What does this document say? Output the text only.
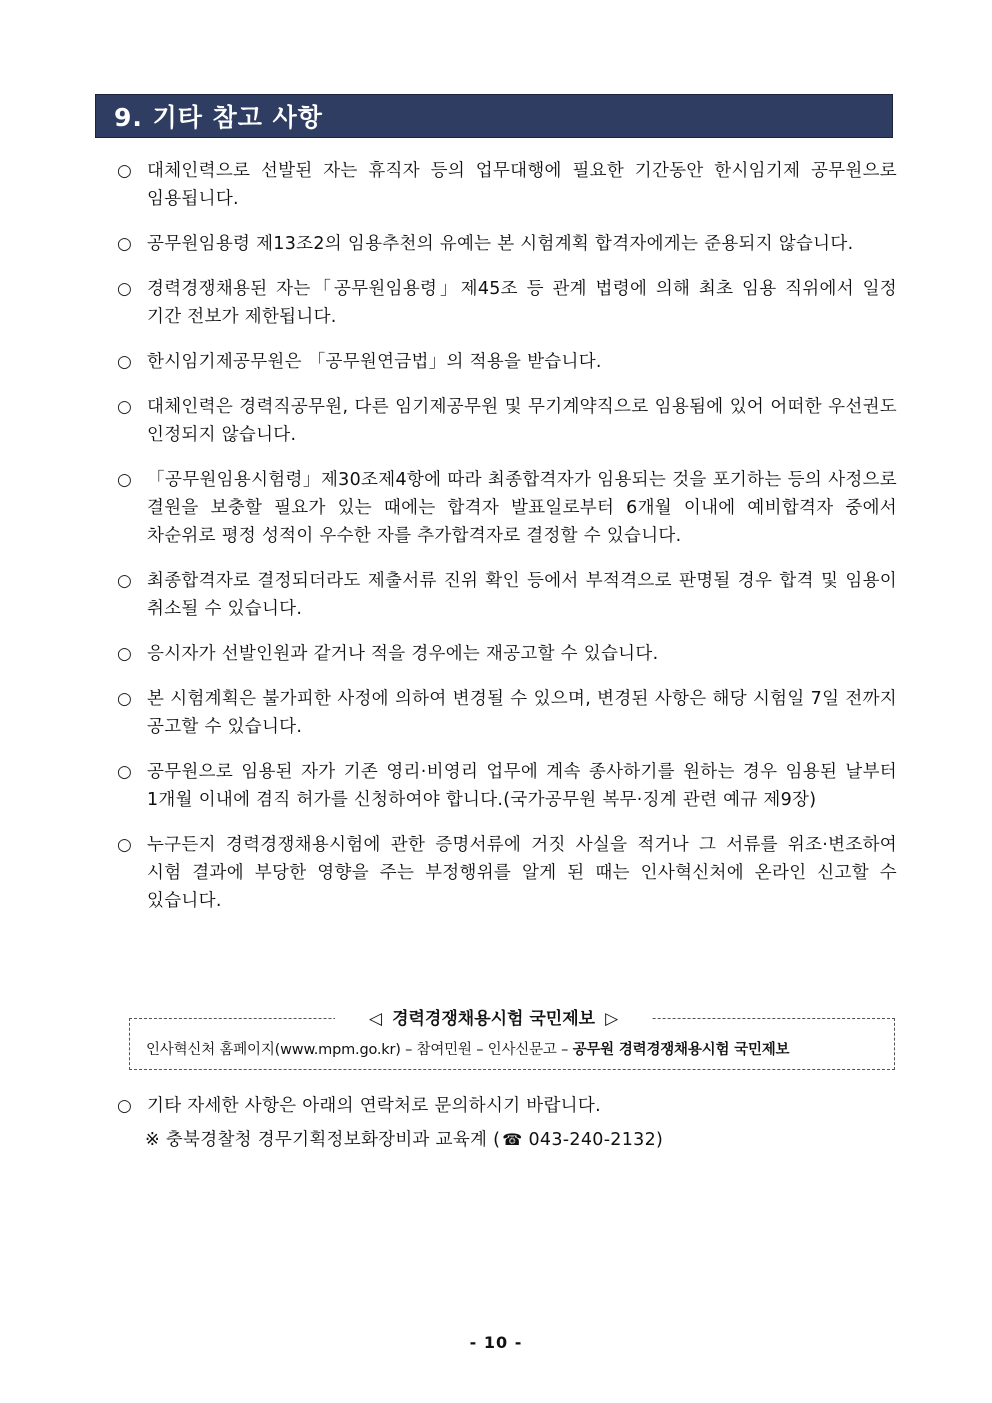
9. 기타 참고 사항
○ 대체인력으로 선발된 자는 휴직자 등의 업무대행에 필요한 기간동안 한시임기제 공무원으로 임용됩니다.
○ 공무원임용령 제13조2의 임용추천의 유예는 본 시험계획 합격자에게는 준용되지 않습니다.
○ 경력경쟁채용된 자는「공무원임용령」제45조 등 관계 법령에 의해 최초 임용 직위에서 일정 기간 전보가 제한됩니다.
○ 한시임기제공무원은 「공무원연금법」의 적용을 받습니다.
○ 대체인력은 경력직공무원, 다른 임기제공무원 및 무기계약직으로 임용됨에 있어 어떠한 우선권도 인정되지 않습니다.
○ 「공무원임용시험령」제30조제4항에 따라 최종합격자가 임용되는 것을 포기하는 등의 사정으로 결원을 보충할 필요가 있는 때에는 합격자 발표일로부터 6개월 이내에 예비합격자 중에서 차순위로 평정 성적이 우수한 자를 추가합격자로 결정할 수 있습니다.
○ 최종합격자로 결정되더라도 제출서류 진위 확인 등에서 부적격으로 판명될 경우 합격 및 임용이 취소될 수 있습니다.
○ 응시자가 선발인원과 같거나 적을 경우에는 재공고할 수 있습니다.
○ 본 시험계획은 불가피한 사정에 의하여 변경될 수 있으며, 변경된 사항은 해당 시험일 7일 전까지 공고할 수 있습니다.
○ 공무원으로 임용된 자가 기존 영리·비영리 업무에 계속 종사하기를 원하는 경우 임용된 날부터 1개월 이내에 겸직 허가를 신청하여야 합니다.(국가공무원 복무·징계 관련 예규 제9장)
○ 누구든지 경력경쟁채용시험에 관한 증명서류에 거짓 사실을 적거나 그 서류를 위조·변조하여 시험 결과에 부당한 영향을 주는 부정행위를 알게 된 때는 인사혁신처에 온라인 신고할 수 있습니다.
◁ 경력경쟁채용시험 국민제보 ▷
인사혁신처 홈페이지(www.mpm.go.kr) – 참여민원 – 인사신문고 – 공무원 경력경쟁채용시험 국민제보
○ 기타 자세한 사항은 아래의 연락처로 문의하시기 바랍니다.
※ 충북경찰청 경무기획정보화장비과 교육계 ( ☎ 043-240-2132)
- 10 -
